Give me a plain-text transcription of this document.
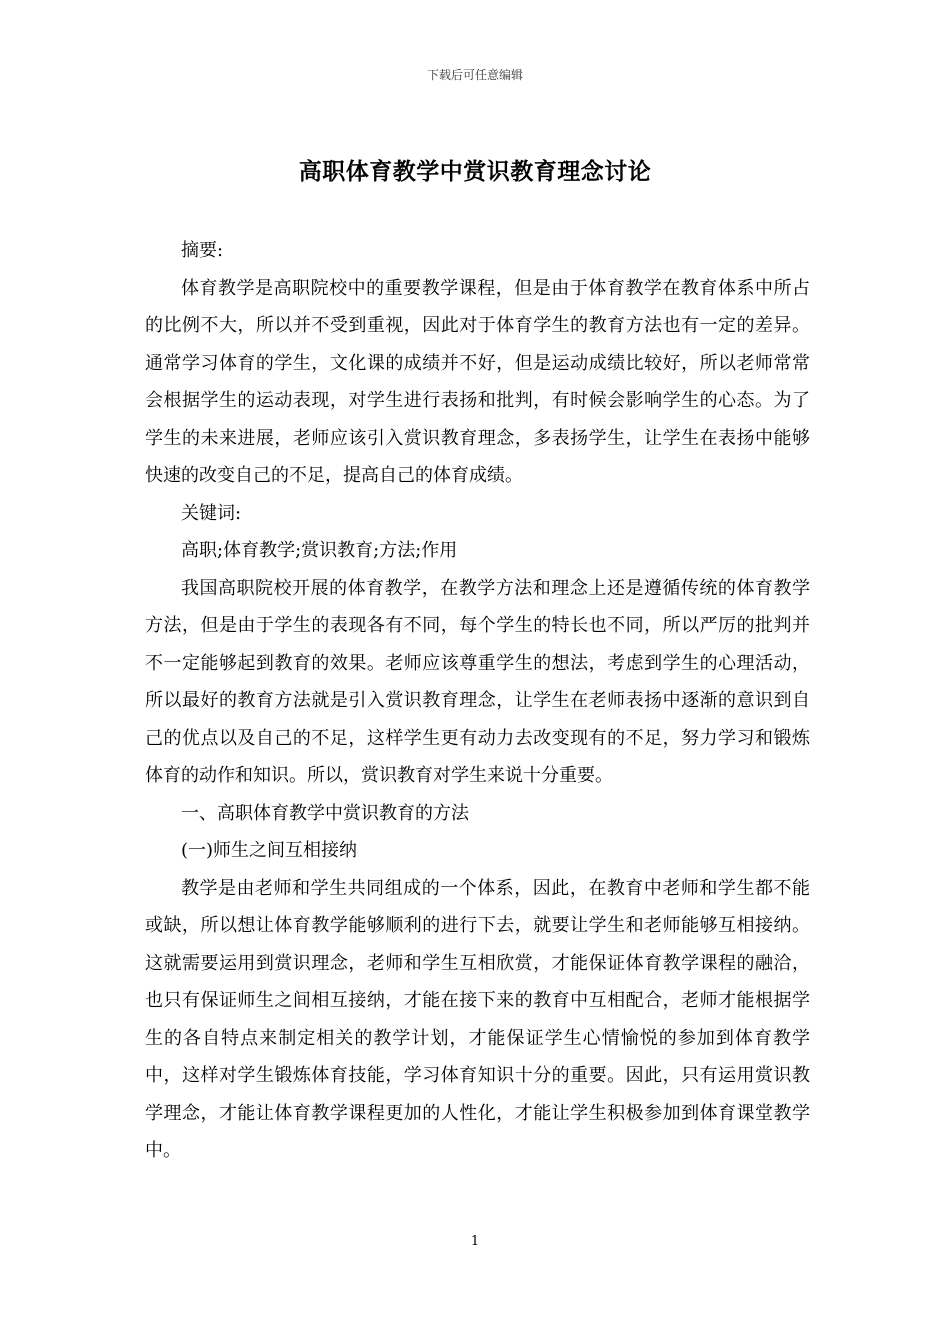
下载后可任意编辑
高职体育教学中赏识教育理念讨论

摘要:

体育教学是高职院校中的重要教学课程，但是由于体育教学在教育体系中所占的比例不大，所以并不受到重视，因此对于体育学生的教育方法也有一定的差异。通常学习体育的学生，文化课的成绩并不好，但是运动成绩比较好，所以老师常常会根据学生的运动表现，对学生进行表扬和批判，有时候会影响学生的心态。为了学生的未来进展，老师应该引入赏识教育理念，多表扬学生，让学生在表扬中能够快速的改变自己的不足，提高自己的体育成绩。

关键词:

高职;体育教学;赏识教育;方法;作用

我国高职院校开展的体育教学，在教学方法和理念上还是遵循传统的体育教学方法，但是由于学生的表现各有不同，每个学生的特长也不同，所以严厉的批判并不一定能够起到教育的效果。老师应该尊重学生的想法，考虑到学生的心理活动，所以最好的教育方法就是引入赏识教育理念，让学生在老师表扬中逐渐的意识到自己的优点以及自己的不足，这样学生更有动力去改变现有的不足，努力学习和锻炼体育的动作和知识。所以，赏识教育对学生来说十分重要。

一、高职体育教学中赏识教育的方法

(一)师生之间互相接纳

教学是由老师和学生共同组成的一个体系，因此，在教育中老师和学生都不能或缺，所以想让体育教学能够顺利的进行下去，就要让学生和老师能够互相接纳。这就需要运用到赏识理念，老师和学生互相欣赏，才能保证体育教学课程的融洽，也只有保证师生之间相互接纳，才能在接下来的教育中互相配合，老师才能根据学生的各自特点来制定相关的教学计划，才能保证学生心情愉悦的参加到体育教学中，这样对学生锻炼体育技能，学习体育知识十分的重要。因此，只有运用赏识教学理念，才能让体育教学课程更加的人性化，才能让学生积极参加到体育课堂教学中。

1
